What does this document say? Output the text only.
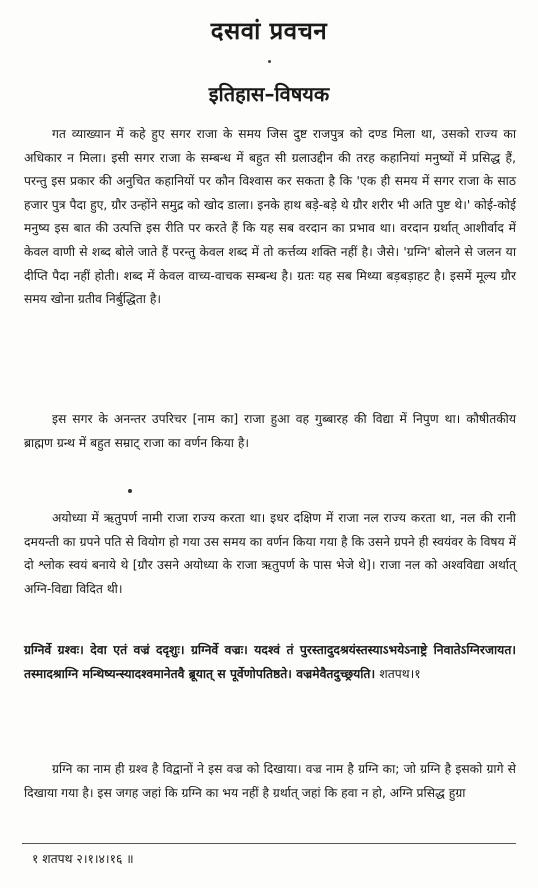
दसवां प्रवचन
इतिहास–विषयक

गत व्याख्यान में कहे हुए सगर राजा के समय जिस दुष्ट राजपुत्र को दण्ड मिला था, उसको राज्य का अधिकार न मिला। इसी सगर राजा के सम्बन्ध में बहुत सी ग्रलाउद्दीन की तरह कहानियां मनुष्यों में प्रसिद्ध हैं, परन्तु इस प्रकार की अनुचित कहानियों पर कौन विश्वास कर सकता है कि 'एक ही समय में सगर राजा के साठ हजार पुत्र पैदा हुए, ग्रौर उन्होंने समुद्र को खोद डाला। इनके हाथ बड़े-बड़े थे ग्रौर शरीर भी अति पुष्ट थे।' कोई-कोई मनुष्य इस बात की उत्पत्ति इस रीति पर करते हैं कि यह सब वरदान का प्रभाव था। वरदान ग्रर्थात् आशीर्वाद में केवल वाणी से शब्द बोले जाते हैं परन्तु केवल शब्द में तो कर्त्तव्य शक्ति नहीं है। जैसे। 'ग्रग्नि' बोलने से जलन या दीप्ति पैदा नहीं होती। शब्द में केवल वाच्य-वाचक सम्बन्ध है। ग्रतः यह सब मिथ्या बड़बड़ाहट है। इसमें मूल्य ग्रौर समय खोना ग्रतीव निर्बुद्धिता है।

इस सगर के अनन्तर उपरिचर [नाम का] राजा हुआ वह गुब्बारह की विद्या में निपुण था। कौषीतकीय ब्राह्मण ग्रन्थ में बहुत सम्राट् राजा का वर्णन किया है।

अयोध्या में ऋतुपर्ण नामी राजा राज्य करता था। इधर दक्षिण में राजा नल राज्य करता था, नल की रानी दमयन्ती का ग्रपने पति से वियोग हो गया उस समय का वर्णन किया गया है कि उसने ग्रपने ही स्वयंवर के विषय में दो श्लोक स्वयं बनाये थे [ग्रौर उसने अयोध्या के राजा ऋतुपर्ण के पास भेजे थे]। राजा नल को अश्वविद्या अर्थात् अग्नि-विद्या विदित थी।

ग्रग्निर्वे ग्रश्वः। देवा एतं वज्रं ददृशुः। ग्रग्निर्वे वज्रः। यदश्वं तं पुरस्तादुदश्रयंस्तस्याऽभयेऽनाष्ट्रे निवातेऽग्निरजायत। तस्मादश्राग्नि मन्थिष्यन्स्यादश्वमानेतवै ब्रूयात् स पूर्वेणोपतिष्ठते। वज्रमेवैतदुच्छ्रयति। शतपथ।१

ग्रग्नि का नाम ही ग्रश्व है विद्वानों ने इस वज्र को दिखाया। वज्र नाम है ग्रग्नि का; जो ग्रग्नि है इसको ग्रागे से दिखाया गया है। इस जगह जहां कि ग्रग्नि का भय नहीं है ग्रर्थात् जहां कि हवा न हो, अग्नि प्रसिद्ध हुग्रा

१ शतपथ २।१।४।१६ ॥
